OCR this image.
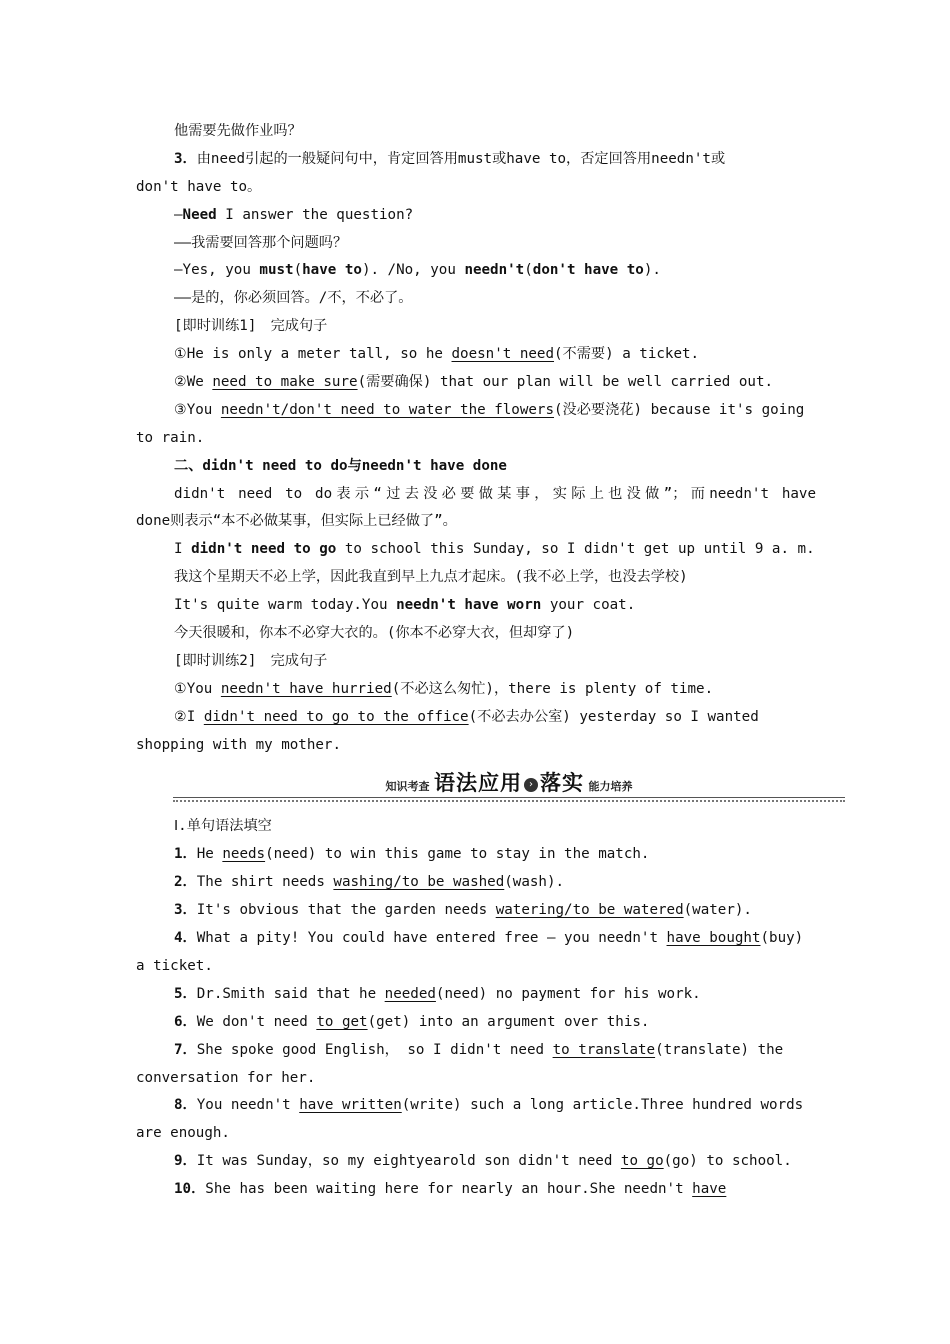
他需要先做作业吗？
3．由need引起的一般疑问句中，肯定回答用must或have to，否定回答用needn't或
don't have to。
—Need I answer the question?
——我需要回答那个问题吗？
—Yes, you must(have to). /No, you needn't(don't have to).
——是的，你必须回答。/不，不必了。
[即时训练1]　完成句子
①He is only a meter tall, so he doesn't need(不需要) a ticket.
②We need to make sure(需要确保) that our plan will be well carried out.
③You needn't/don't need to water the flowers(没必要浇花) because it's going
to rain.
二、didn't need to do与needn't have done
didn't need to do表示“过去没必要做某事，实际上也没做”；而needn't have
done则表示“本不必做某事，但实际上已经做了”。
I didn't need to go to school this Sunday, so I didn't get up until 9 a. m.
我这个星期天不必上学，因此我直到早上九点才起床。(我不必上学，也没去学校)
It's quite warm today.You needn't have worn your coat.
今天很暖和，你本不必穿大衣的。(你本不必穿大衣，但却穿了)
[即时训练2]　完成句子
①You needn't have hurried(不必这么匆忙)，there is plenty of time.
②I didn't need to go to the office(不必去办公室) yesterday so I wanted
shopping with my mother.
知识考查 语法应用 › 落实 能力培养
Ⅰ.单句语法填空
1．He needs(need) to win this game to stay in the match.
2．The shirt needs washing/to be washed(wash).
3．It's obvious that the garden needs watering/to be watered(water).
4．What a pity! You could have entered free — you needn't have bought(buy)
a ticket.
5．Dr.Smith said that he needed(need) no payment for his work.
6．We don't need to get(get) into an argument over this.
7．She spoke good English， so I didn't need to translate(translate) the
conversation for her.
8．You needn't have written(write) such a long article.Three hundred words
are enough.
9．It was Sunday，so my eightyearold son didn't need to go(go) to school.
10．She has been waiting here for nearly an hour.She needn't have
